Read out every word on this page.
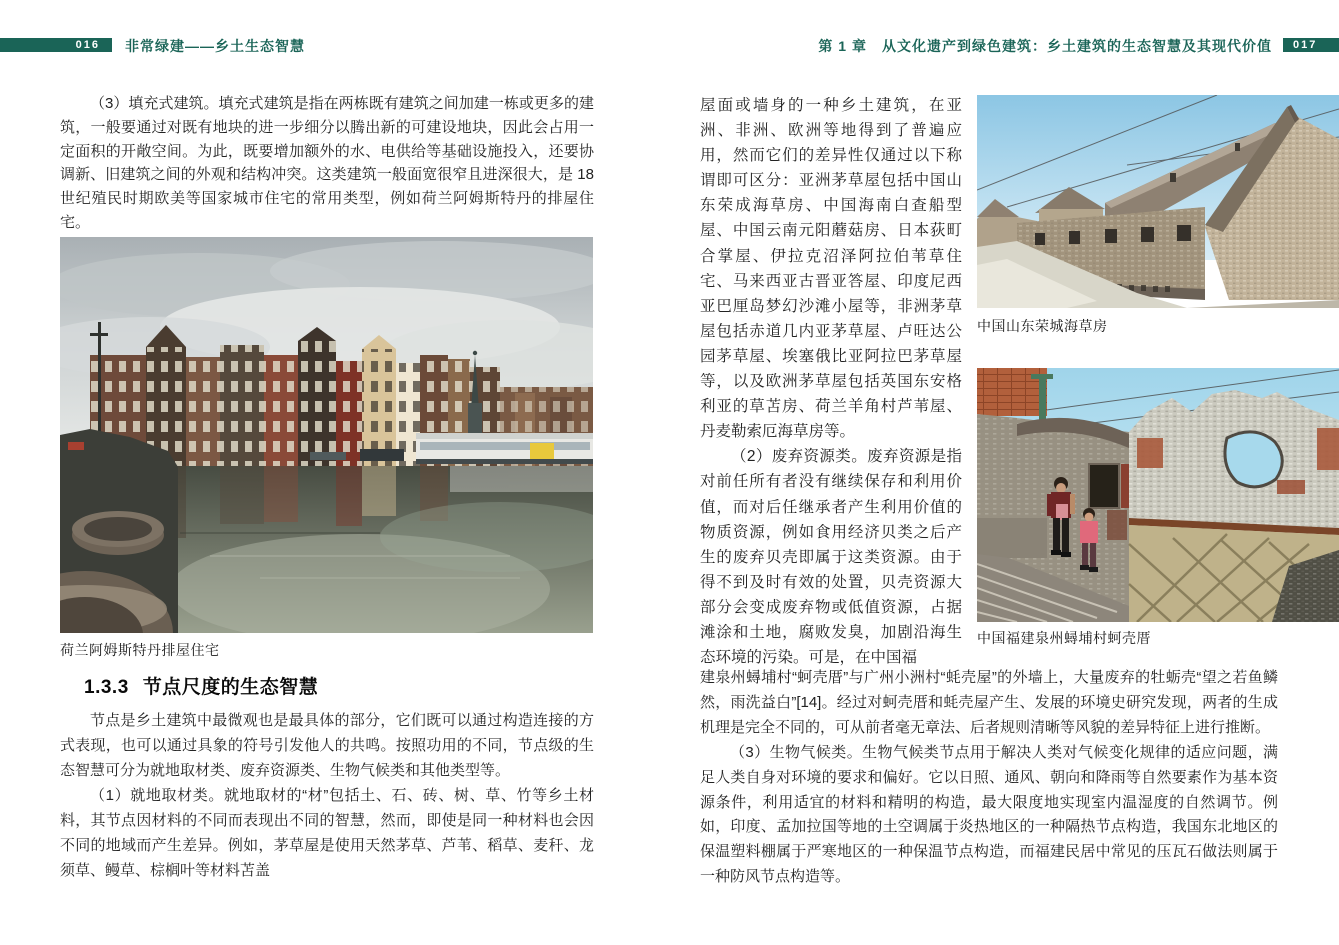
016	非常绿建——乡土生态智慧	第 1 章　从文化遗产到绿色建筑：乡土建筑的生态智慧及其现代价值	017

（3）填充式建筑。填充式建筑是指在两栋既有建筑之间加建一栋或更多的建筑，一般要通过对既有地块的进一步细分以腾出新的可建设地块，因此会占用一定面积的开敞空间。为此，既要增加额外的水、电供给等基础设施投入，还要协调新、旧建筑之间的外观和结构冲突。这类建筑一般面宽很窄且进深很大，是 18 世纪殖民时期欧美等国家城市住宅的常用类型，例如荷兰阿姆斯特丹的排屋住宅。

荷兰阿姆斯特丹排屋住宅
1.3.3 节点尺度的生态智慧

节点是乡土建筑中最微观也是最具体的部分，它们既可以通过构造连接的方式表现，也可以通过具象的符号引发他人的共鸣。按照功用的不同，节点级的生态智慧可分为就地取材类、废弃资源类、生物气候类和其他类型等。

（1）就地取材类。就地取材的“材”包括土、石、砖、树、草、竹等乡土材料，其节点因材料的不同而表现出不同的智慧，然而，即使是同一种材料也会因不同的地域而产生差异。例如，茅草屋是使用天然茅草、芦苇、稻草、麦秆、龙须草、鳗草、棕榈叶等材料苫盖

屋面或墙身的一种乡土建筑，在亚洲、非洲、欧洲等地得到了普遍应用，然而它们的差异性仅通过以下称谓即可区分：亚洲茅草屋包括中国山东荣成海草房、中国海南白查船型屋、中国云南元阳蘑菇房、日本荻町合掌屋、伊拉克沼泽阿拉伯苇草住宅、马来西亚古晋亚答屋、印度尼西亚巴厘岛梦幻沙滩小屋等，非洲茅草屋包括赤道几内亚茅草屋、卢旺达公园茅草屋、埃塞俄比亚阿拉巴茅草屋等，以及欧洲茅草屋包括英国东安格利亚的草苫房、荷兰羊角村芦苇屋、丹麦勒索厄海草房等。

（2）废弃资源类。废弃资源是指对前任所有者没有继续保存和利用价值，而对后任继承者产生利用价值的物质资源，例如食用经济贝类之后产生的废弃贝壳即属于这类资源。由于得不到及时有效的处置，贝壳资源大部分会变成废弃物或低值资源，占据滩涂和土地，腐败发臭，加剧沿海生态环境的污染。可是，在中国福

中国山东荣城海草房
中国福建泉州蟳埔村蚵壳厝

建泉州蟳埔村“蚵壳厝”与广州小洲村“蚝壳屋”的外墙上，大量废弃的牡蛎壳“望之若鱼鳞然，雨洗益白”[14]。经过对蚵壳厝和蚝壳屋产生、发展的环境史研究发现，两者的生成机理是完全不同的，可从前者毫无章法、后者规则清晰等风貌的差异特征上进行推断。

（3）生物气候类。生物气候类节点用于解决人类对气候变化规律的适应问题，满足人类自身对环境的要求和偏好。它以日照、通风、朝向和降雨等自然要素作为基本资源条件，利用适宜的材料和精明的构造，最大限度地实现室内温湿度的自然调节。例如，印度、孟加拉国等地的土空调属于炎热地区的一种隔热节点构造，我国东北地区的保温塑料棚属于严寒地区的一种保温节点构造，而福建民居中常见的压瓦石做法则属于一种防风节点构造等。
